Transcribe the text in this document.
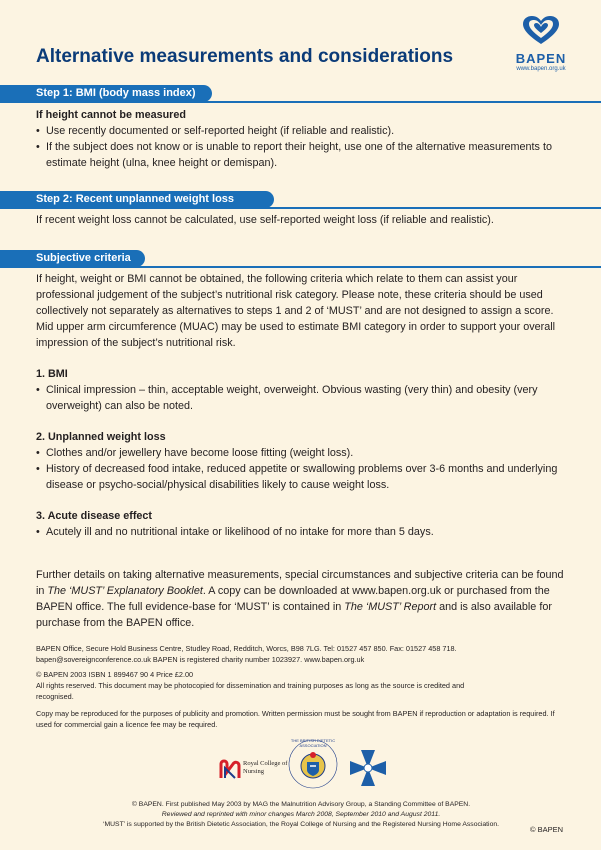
Alternative measurements and considerations	BAPEN
www.bapen.org.uk
Step 1: BMI (body mass index)
If height cannot be measured
• Use recently documented or self-reported height (if reliable and realistic).
• If the subject does not know or is unable to report their height, use one of the alternative measurements to estimate height (ulna, knee height or demispan).
Step 2: Recent unplanned weight loss
If recent weight loss cannot be calculated, use self-reported weight loss (if reliable and realistic).
Subjective criteria
If height, weight or BMI cannot be obtained, the following criteria which relate to them can assist your professional judgement of the subject’s nutritional risk category. Please note, these criteria should be used collectively not separately as alternatives to steps 1 and 2 of ‘MUST’ and are not designed to assign a score. Mid upper arm circumference (MUAC) may be used to estimate BMI category in order to support your overall impression of the subject’s nutritional risk.
1. BMI
• Clinical impression – thin, acceptable weight, overweight. Obvious wasting (very thin) and obesity (very overweight) can also be noted.
2. Unplanned weight loss
• Clothes and/or jewellery have become loose fitting (weight loss).
• History of decreased food intake, reduced appetite or swallowing problems over 3-6 months and underlying disease or psycho-social/physical disabilities likely to cause weight loss.
3. Acute disease effect
• Acutely ill and no nutritional intake or likelihood of no intake for more than 5 days.
Further details on taking alternative measurements, special circumstances and subjective criteria can be found in The ‘MUST’ Explanatory Booklet. A copy can be downloaded at www.bapen.org.uk or purchased from the BAPEN office. The full evidence-base for ‘MUST’ is contained in The ‘MUST’ Report and is also available for purchase from the BAPEN office.
BAPEN Office, Secure Hold Business Centre, Studley Road, Redditch, Worcs, B98 7LG. Tel: 01527 457 850. Fax: 01527 458 718. bapen@sovereignconference.co.uk BAPEN is registered charity number 1023927. www.bapen.org.uk
© BAPEN 2003 ISBN 1 899467 90 4 Price £2.00
All rights reserved. This document may be photocopied for dissemination and training purposes as long as the source is credited and recognised.
Copy may be reproduced for the purposes of publicity and promotion. Written permission must be sought from BAPEN if reproduction or adaptation is required. If used for commercial gain a licence fee may be required.
Royal College of Nursing
THE BRITISH DIETETIC ASSOCIATION
© BAPEN. First published May 2003 by MAG the Malnutrition Advisory Group, a Standing Committee of BAPEN.
Reviewed and reprinted with minor changes March 2008, September 2010 and August 2011.
‘MUST’ is supported by the British Dietetic Association, the Royal College of Nursing and the Registered Nursing Home Association.
© BAPEN
